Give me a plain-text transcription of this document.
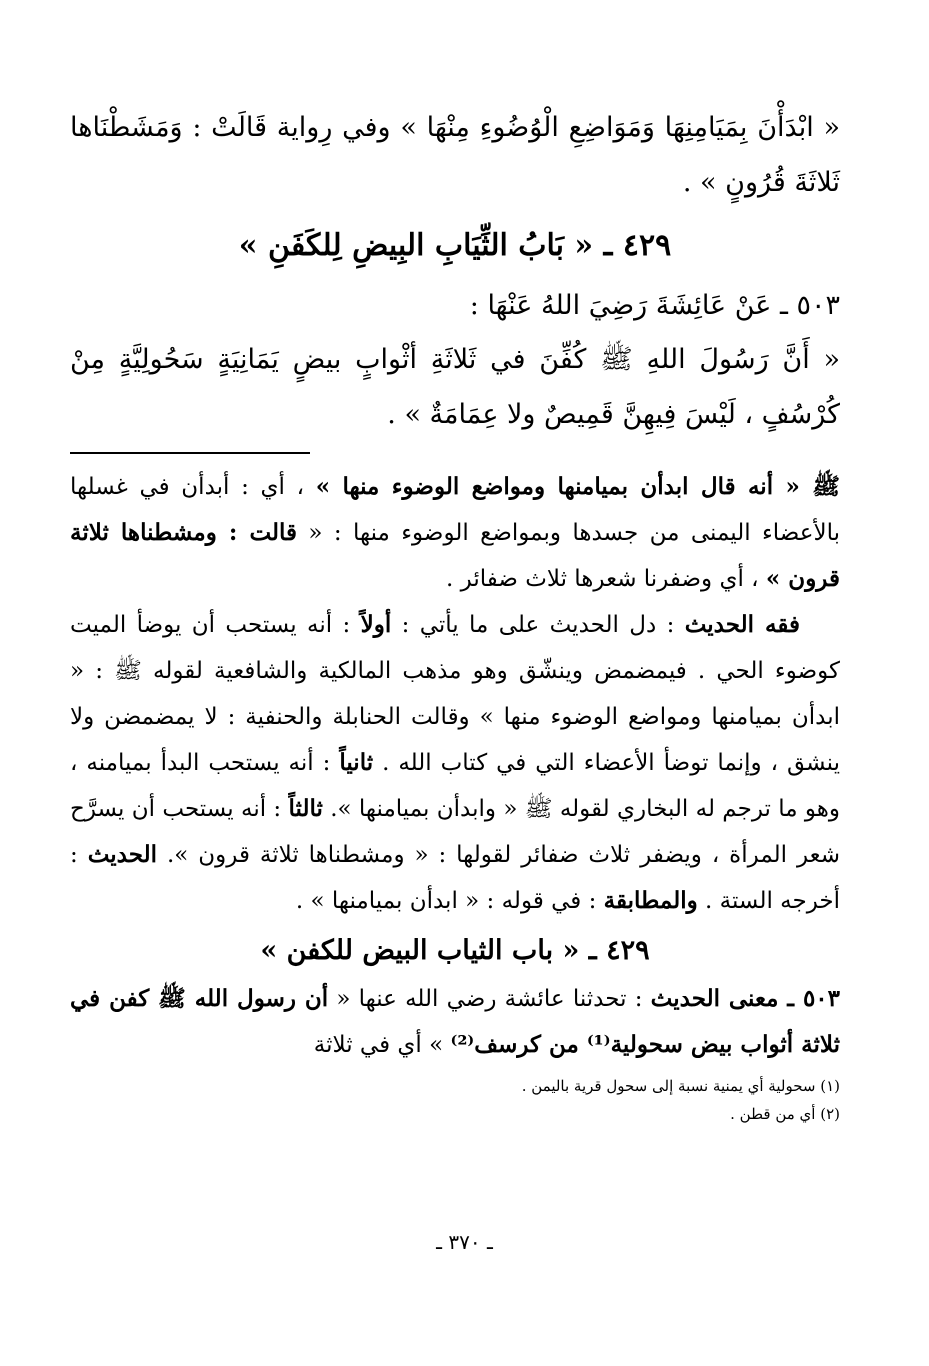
« ابْدَأْنَ بِمَيَامِنِهَا وَمَوَاضِعِ الْوُضُوءِ مِنْهَا » وفي رِواية قَالَتْ : وَمَشَطْنَاها ثَلاثَةَ قُرُونٍ » .

٤٢٩ ـ « بَابُ الثِّيَابِ البِيضِ لِلكَفَنِ »

٥٠٣ ـ عَنْ عَائِشَةَ رَضِيَ اللهُ عَنْهَا :

« أَنَّ رَسُولَ اللهِ ﷺ كُفِّنَ في ثَلاثَةِ أثْوابٍ بيضٍ يَمَانِيَةٍ سَحُولِيَّةٍ مِنْ كُرْسُفٍ ، لَيْسَ فِيهِنَّ قَمِيصٌ ولا عِمَامَةٌ » .

ﷺ « أنه قال ابدأن بميامنها ومواضع الوضوء منها » ، أي : أبدأن في غسلها بالأعضاء اليمنى من جسدها وبمواضع الوضوء منها : « قالت : ومشطناها ثلاثة قرون » ، أي وضفرنا شعرها ثلاث ضفائر .

فقه الحديث : دل الحديث على ما يأتي : أولاً : أنه يستحب أن يوضأ الميت كوضوء الحي . فيمضمض وينشّق وهو مذهب المالكية والشافعية لقوله ﷺ : « ابدأن بميامنها ومواضع الوضوء منها » وقالت الحنابلة والحنفية : لا يمضمضن ولا ينشق ، وإنما توضأ الأعضاء التي في كتاب الله . ثانياً : أنه يستحب البدأ بميامنه ، وهو ما ترجم له البخاري لقوله ﷺ « وابدأن بميامنها ». ثالثاً : أنه يستحب أن يسرَّح شعر المرأة ، ويضفر ثلاث ضفائر لقولها : « ومشطناها ثلاثة قرون ». الحديث : أخرجه الستة . والمطابقة : في قوله : « ابدأن بميامنها » .

٤٢٩ ـ « باب الثياب البيض للكفن »

٥٠٣ ـ معنى الحديث : تحدثنا عائشة رضي الله عنها « أن رسول الله ﷺ كفن في ثلاثة أثواب بيض سحولية⁽¹⁾ من كرسف⁽²⁾ » أي في ثلاثة

(١) سحولية أي يمنية نسبة إلى سحول قرية باليمن .

(٢) أي من قطن .

ـ ٣٧٠ ـ
